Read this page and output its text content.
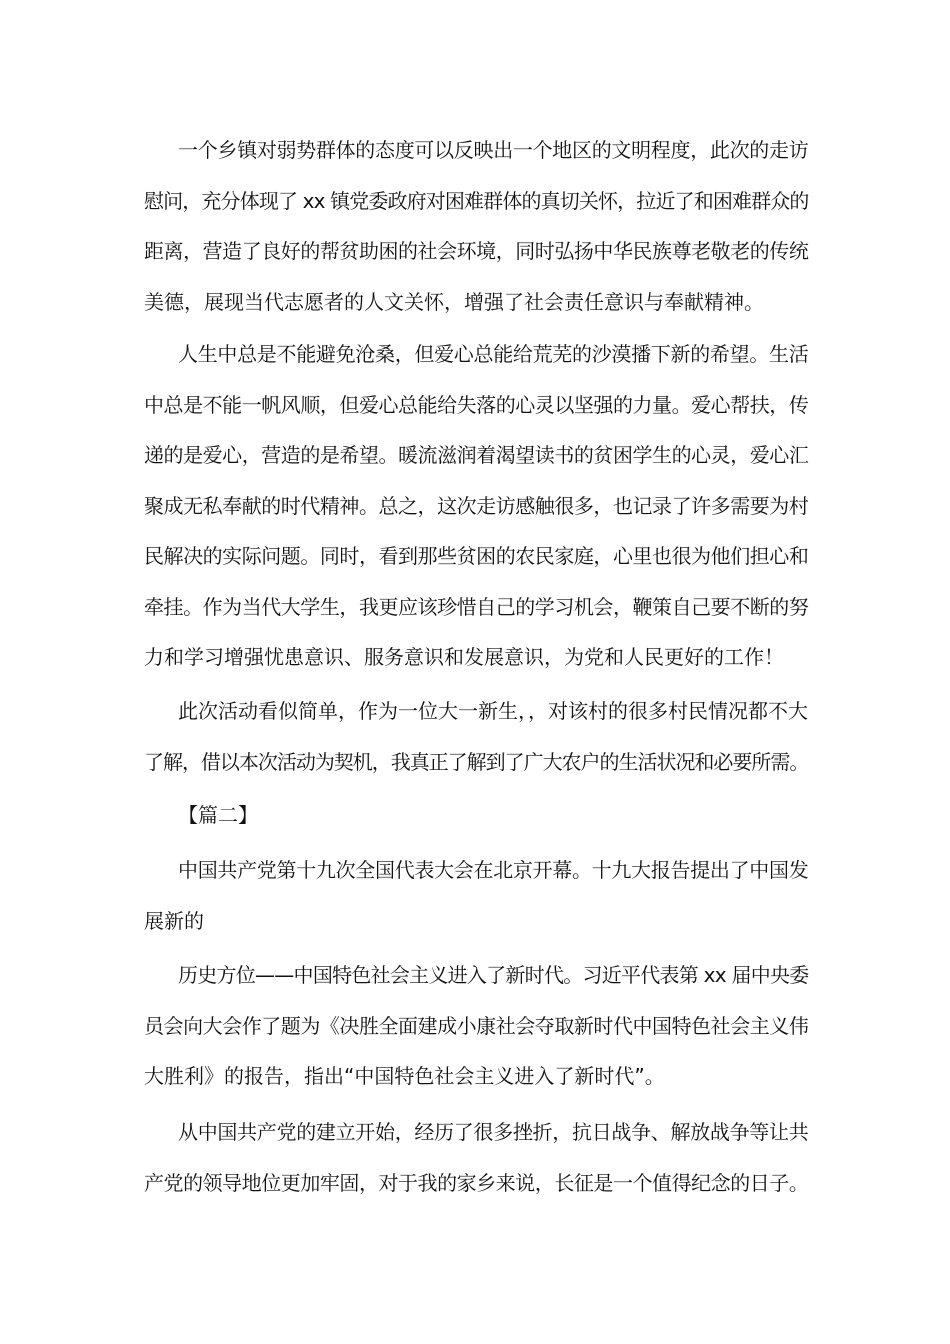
一个乡镇对弱势群体的态度可以反映出一个地区的文明程度，此次的走访
慰问，充分体现了 xx 镇党委政府对困难群体的真切关怀，拉近了和困难群众的
距离，营造了良好的帮贫助困的社会环境，同时弘扬中华民族尊老敬老的传统
美德，展现当代志愿者的人文关怀，增强了社会责任意识与奉献精神。
人生中总是不能避免沧桑，但爱心总能给荒芜的沙漠播下新的希望。生活
中总是不能一帆风顺，但爱心总能给失落的心灵以坚强的力量。爱心帮扶，传
递的是爱心，营造的是希望。暖流滋润着渴望读书的贫困学生的心灵，爱心汇
聚成无私奉献的时代精神。总之，这次走访感触很多，也记录了许多需要为村
民解决的实际问题。同时，看到那些贫困的农民家庭，心里也很为他们担心和
牵挂。作为当代大学生，我更应该珍惜自己的学习机会，鞭策自己要不断的努
力和学习增强忧患意识、服务意识和发展意识，为党和人民更好的工作！
此次活动看似简单，作为一位大一新生，，对该村的很多村民情况都不大
了解，借以本次活动为契机，我真正了解到了广大农户的生活状况和必要所需。
【篇二】
中国共产党第十九次全国代表大会在北京开幕。十九大报告提出了中国发
展新的
历史方位——中国特色社会主义进入了新时代。习近平代表第 xx 届中央委
员会向大会作了题为《决胜全面建成小康社会夺取新时代中国特色社会主义伟
大胜利》的报告，指出“中国特色社会主义进入了新时代”。
从中国共产党的建立开始，经历了很多挫折，抗日战争、解放战争等让共
产党的领导地位更加牢固，对于我的家乡来说，长征是一个值得纪念的日子。
